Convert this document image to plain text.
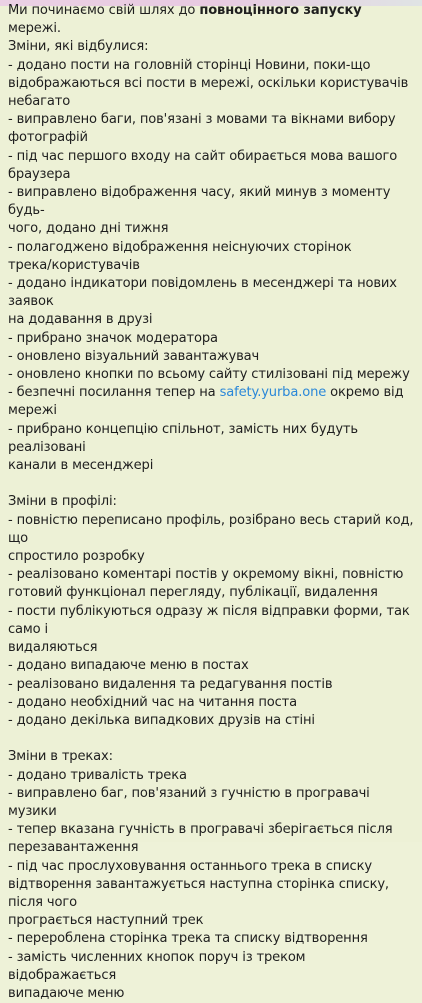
Ми починаємо свій шлях до повноцінного запуску мережі.
Зміни, які відбулися:
- додано пости на головній сторінці Новини, поки-що
відображаються всі пости в мережі, оскільки користувачів
небагато
- виправлено баги, пов'язані з мовами та вікнами вибору
фотографій
- під час першого входу на сайт обирається мова вашого
браузера
- виправлено відображення часу, який минув з моменту будь-
чого, додано дні тижня
- полагоджено відображення неіснуючих сторінок
трека/користувачів
- додано індикатори повідомлень в месенджері та нових заявок
на додавання в друзі
- прибрано значок модератора
- оновлено візуальний завантажувач
- оновлено кнопки по всьому сайту стилізовані під мережу
- безпечні посилання тепер на safety.yurba.one окремо від
мережі
- прибрано концепцію спільнот, замість них будуть реалізовані
канали в месенджері
Зміни в профілі:
- повністю переписано профіль, розібрано весь старий код, що
спростило розробку
- реалізовано коментарі постів у окремому вікні, повністю
готовий функціонал перегляду, публікації, видалення
- пости публікуються одразу ж після відправки форми, так само і
видаляються
- додано випадаюче меню в постах
- реалізовано видалення та редагування постів
- додано необхідний час на читання поста
- додано декілька випадкових друзів на стіні
Зміни в треках:
- додано тривалість трека
- виправлено баг, пов'язаний з гучністю в програвачі музики
- тепер вказана гучність в програвачі зберігається після
перезавантаження
- під час прослуховування останнього трека в списку
відтворення завантажується наступна сторінка списку, після чого
програється наступний трек
- перероблена сторінка трека та списку відтворення
- замість численних кнопок поруч із треком відображається
випадаюче меню
